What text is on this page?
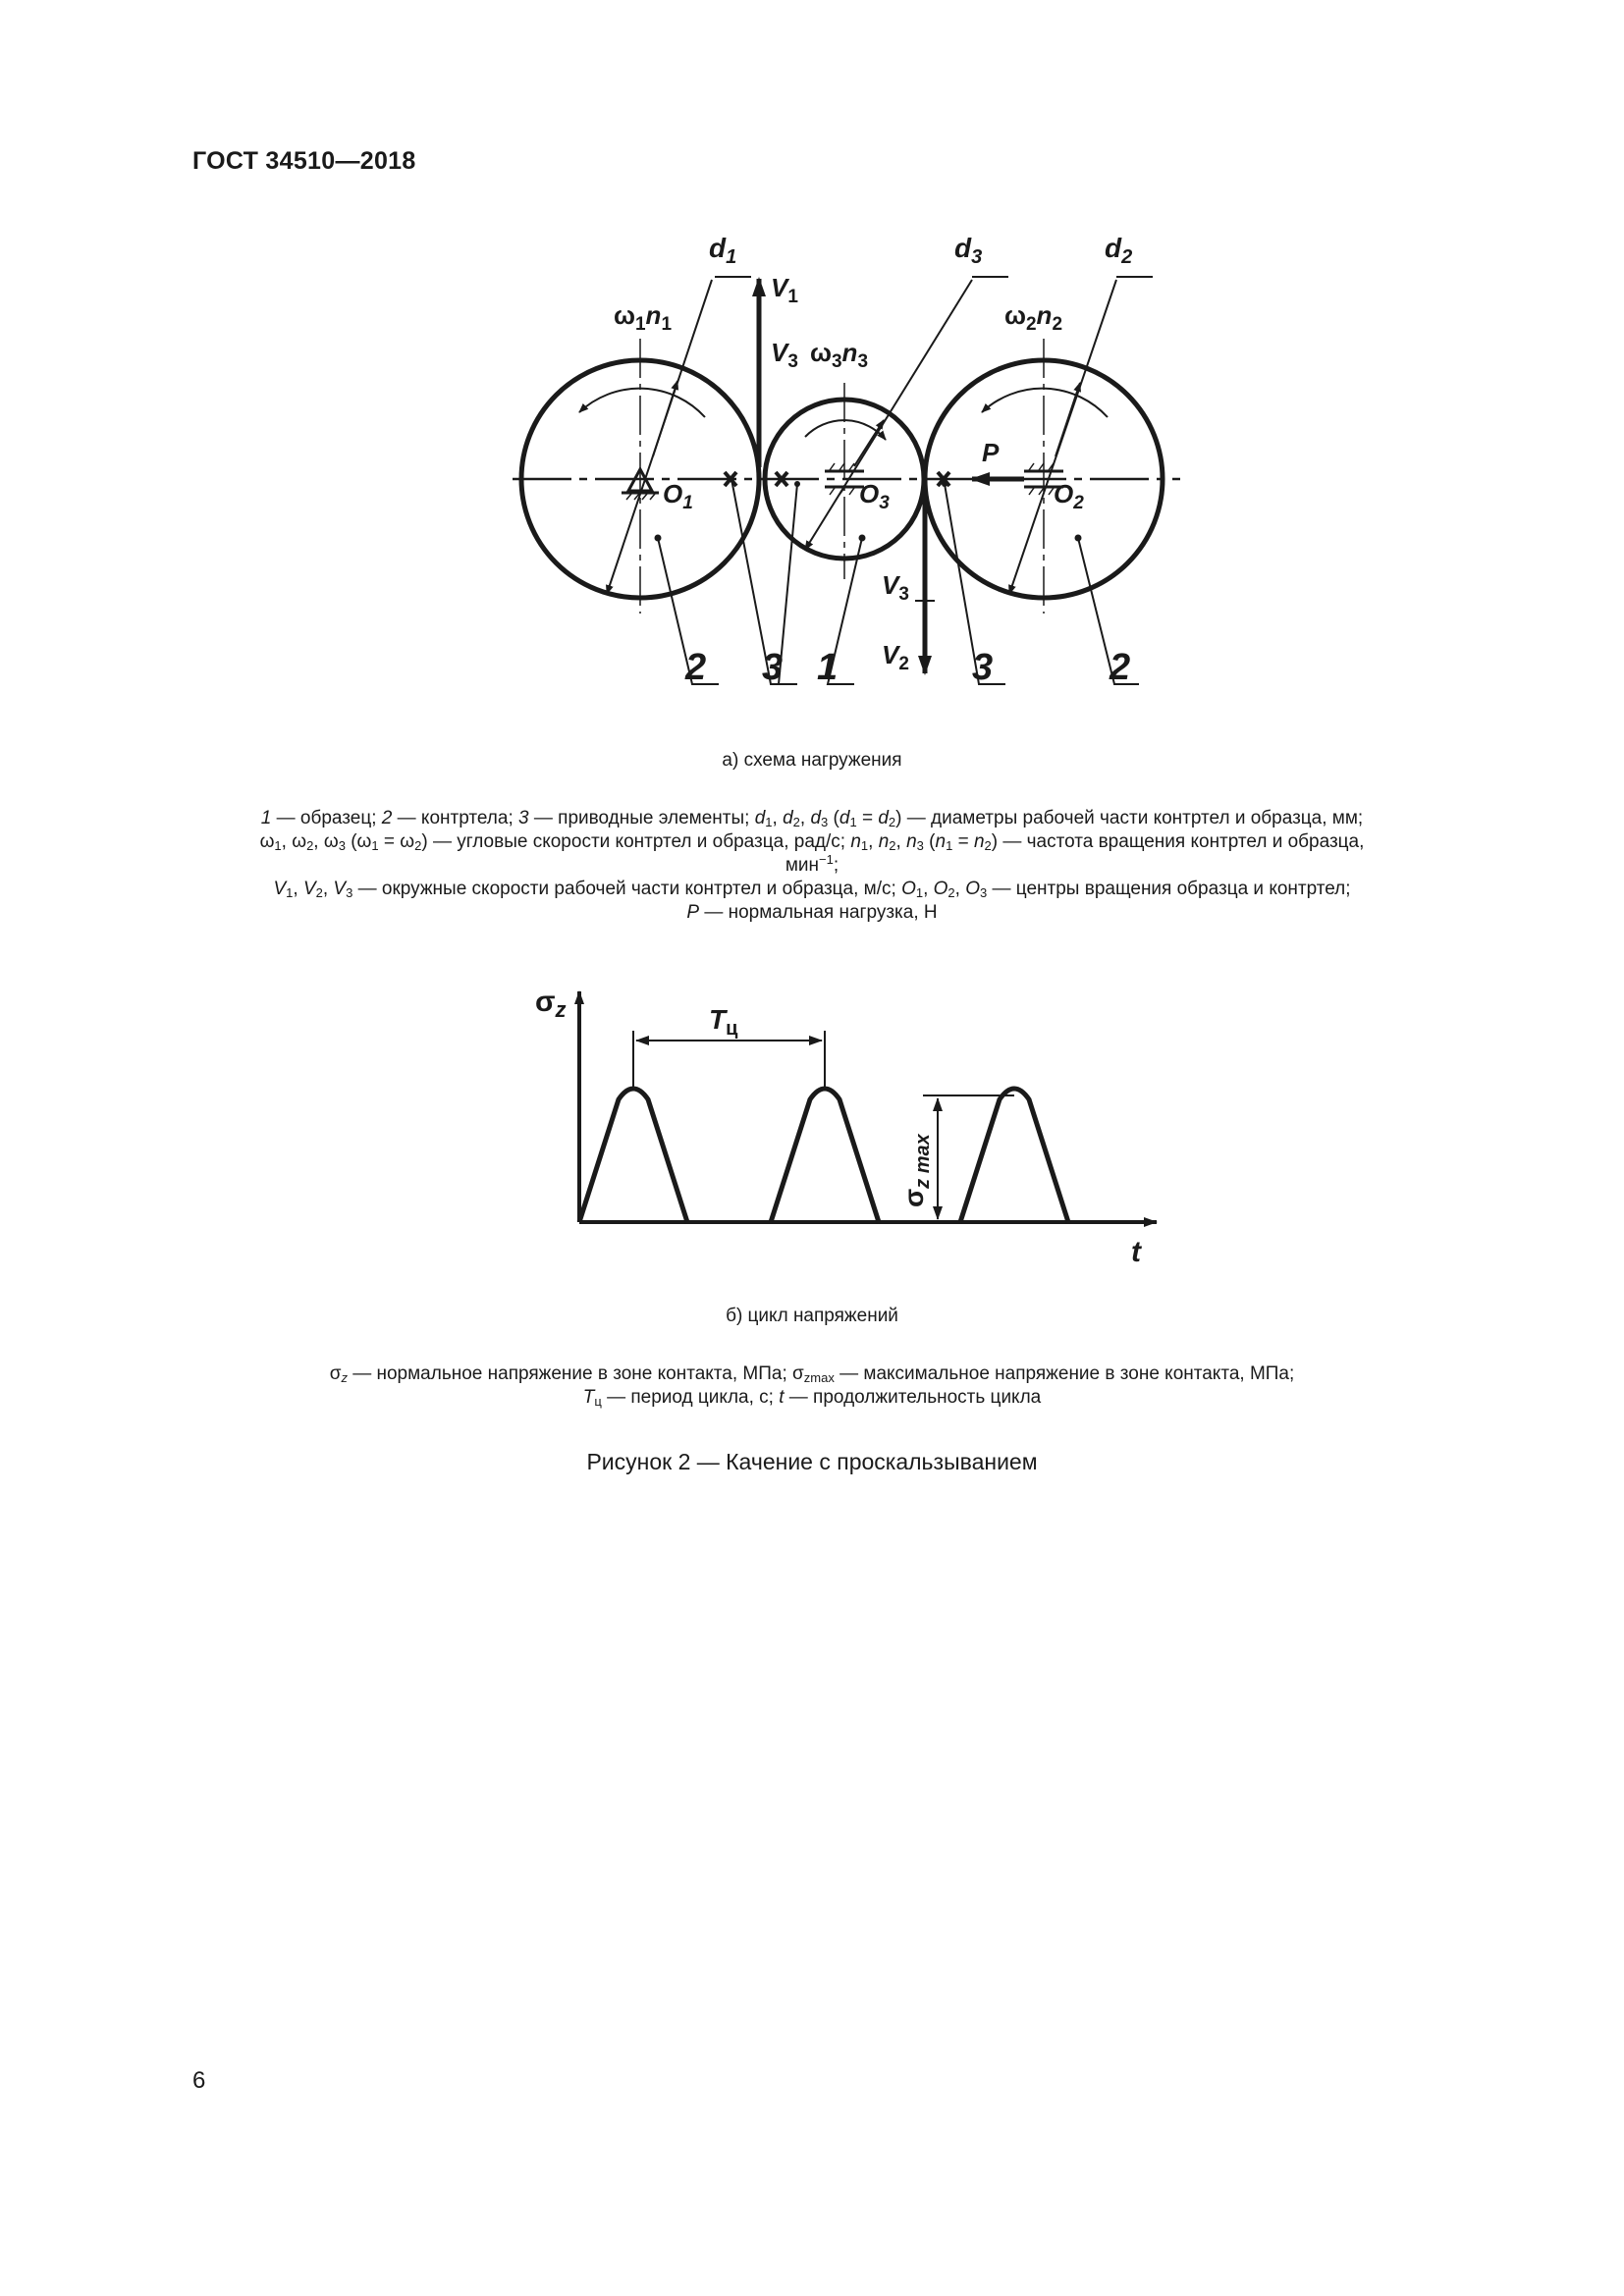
ГОСТ 34510—2018
$d_1$	$d_3$	$d_2$
$V_1$
$V_3$ $\omega_3n_3$
$\omega_1n_1$	$\omega_2n_2$
$O_1$	$O_3$	$O_2$
P
$V_3$
$V_2$
2 3 1	3	2
а) схема нагружения
1 — образец; 2 — контртела; 3 — приводные элементы; $d_1$, $d_2$, $d_3$ $(d_1 = d_2)$ — диаметры рабочей части контртел и образца, мм;
$\omega_1$, $\omega_2$, $\omega_3$ $(\omega_1 = \omega_2)$ — угловые скорости контртел и образца, рад/с; $n_1$, $n_2$, $n_3$ $(n_1 = n_2)$ — частота вращения контртел и образца, мин$^{-1}$;
$V_1$, $V_2$, $V_3$ — окружные скорости рабочей части контртел и образца, м/с; $O_1$, $O_2$, $O_3$ — центры вращения образца и контртел;
P — нормальная нагрузка, Н
$\sigma_z$	$T_ц$
t
$\sigma_{z max}$
б) цикл напряжений
$\sigma_z$ — нормальное напряжение в зоне контакта, МПа; $\sigma_{zmax}$ — максимальное напряжение в зоне контакта, МПа;
$T_ц$ — период цикла, с; t — продолжительность цикла
Рисунок 2 — Качение с проскальзыванием
6
